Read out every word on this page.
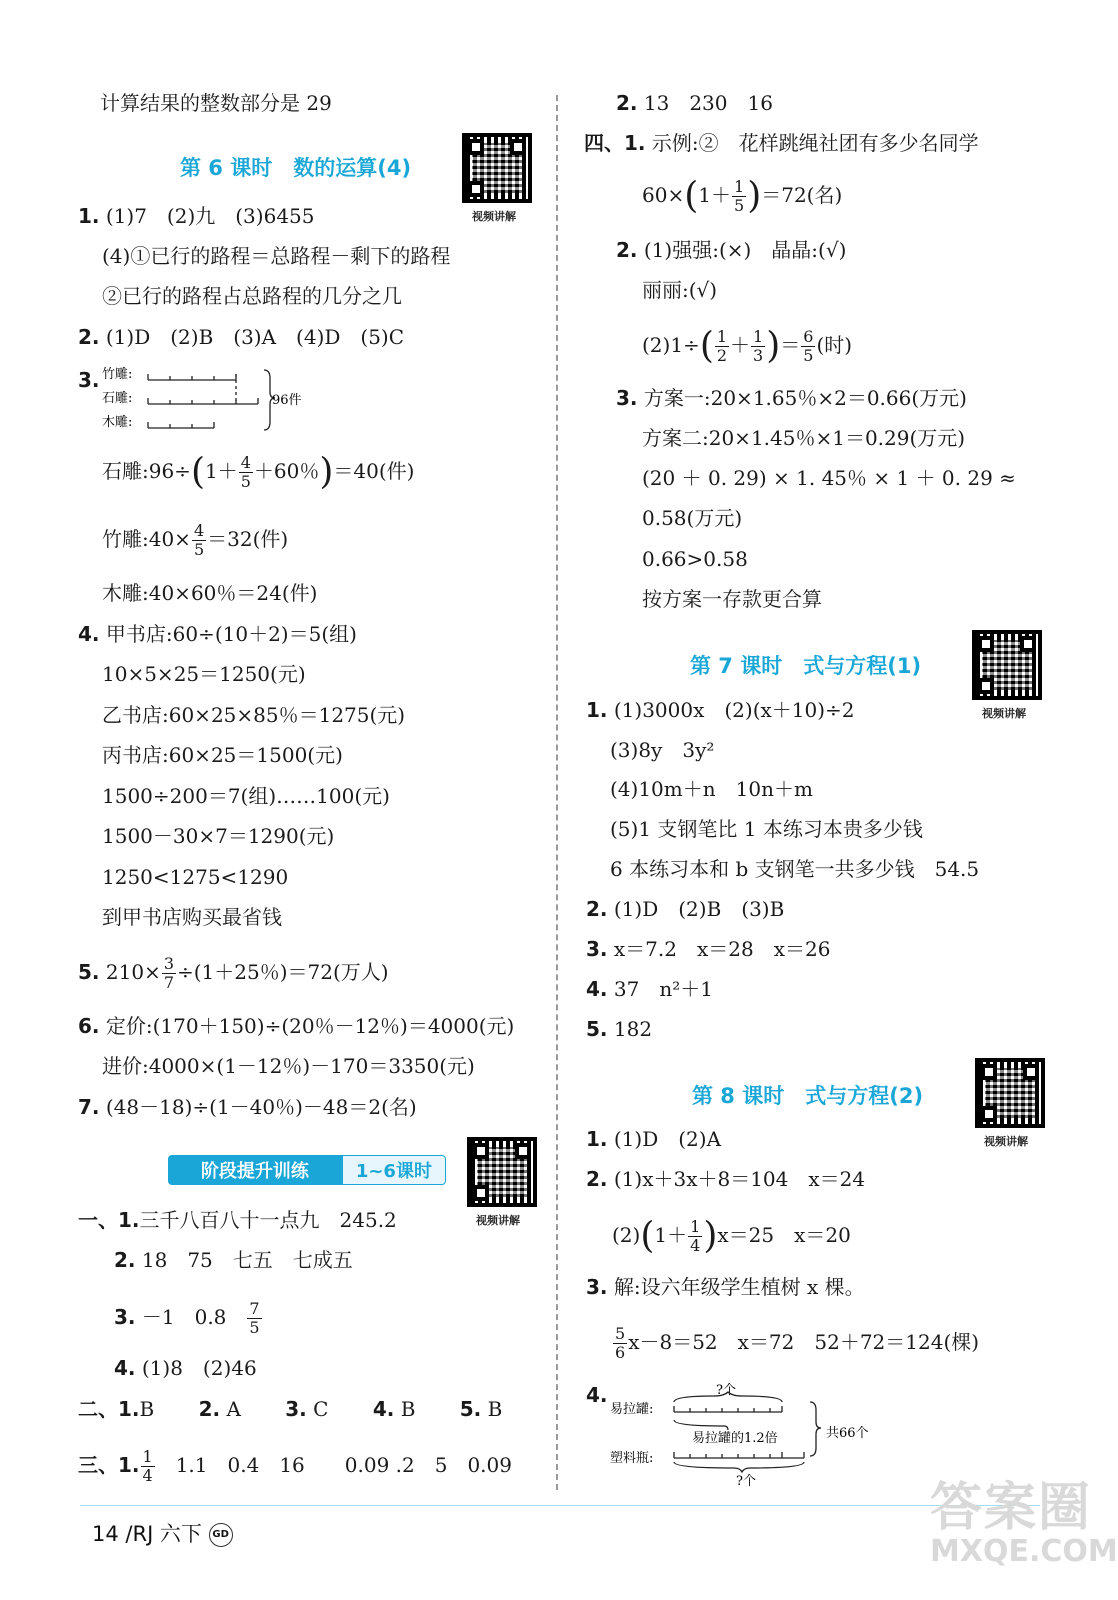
计算结果的整数部分是 29
第 6 课时　数的运算(4)
视频讲解
1. (1)7　(2)九　(3)6455
(4)①已行的路程＝总路程－剩下的路程
②已行的路程占总路程的几分之几
2. (1)D　(2)B　(3)A　(4)D　(5)C
3. 竹雕:
石雕:
木雕:
96件
石雕:96÷(1＋ $\frac{4}{5} +60$％)＝40(件)
竹雕:40× $\frac{4}{5} =32$(件)
木雕:40×60％＝24(件)
4. 甲书店:60÷(10＋2)＝5(组)
10×5×25＝1250(元)
乙书店:60×25×85％＝1275(元)
丙书店:60×25＝1500(元)
1500÷200＝7(组)……100(元)
1500－30×7＝1290(元)
1250<1275<1290
到甲书店购买最省钱
5. $210\times \frac{3}{7} \div(1+25$％)＝72(万人)
6. 定价:(170＋150)÷(20％－12％)＝4000(元)
进价:4000×(1－12％)－170＝3350(元)
7. (48－18)÷(1－40％)－48＝2(名)
阶段提升训练	1~6课时
视频讲解
一、1.三千八百八十一点九　245.2
2. 18　75　七五　七成五
3. －1　0.8　 $\frac{7}{5}$
4. (1)8　(2)46
二、1.B 2. A 3. C 4. B 5. B
三、1. $\frac{1}{4}$
　 1.1　0.4　16　　0.09 .2　5　0.09
2. 13　230　16
四、1. 示例:②　花样跳绳社团有多少名同学
$60\times(1+ \frac{1}{5} )=72$(名)
2. (1)强强:(×)　晶晶:(√)
丽丽:(√)
$(2)1\div( \frac{1}{2} + \frac{1}{3}$ )＝ $\frac{6}{5}$ (时)
3. 方案一:20×1.65％×2＝0.66(万元)
方案二:20×1.45％×1＝0.29(万元)
(20 ＋ 0. 29) × 1. 45％ × 1 ＋ 0. 29 ≈
0.58(万元)
0.66>0.58
按方案一存款更合算
第 7 课时　式与方程(1)
视频讲解
1. (1)3000x　(2)(x＋10)÷2
(3)8y　3y²
(4)10m＋n　10n＋m
(5)1 支钢笔比 1 本练习本贵多少钱
6 本练习本和 b 支钢笔一共多少钱　54.5
2. (1)D　(2)B　(3)B
3. x＝7.2　x＝28　x＝26
4. 37　n²＋1
5. 182
第 8 课时　式与方程(2)
视频讲解
1. (1)D　(2)A
2. (1)x＋3x＋8＝104　x＝24
$(2)(1+ \frac{1}{4} )x=25$　x＝20
3. 解:设六年级学生植树 x 棵。
$\frac{5}{6} x-8=52$　x＝72　52＋72＝124(棵)
4.	?个
易拉罐:
塑料瓶:
易拉罐的1.2倍
?个
共66个
14 /RJ 六下 GD	答案圈
MXQE.COM
